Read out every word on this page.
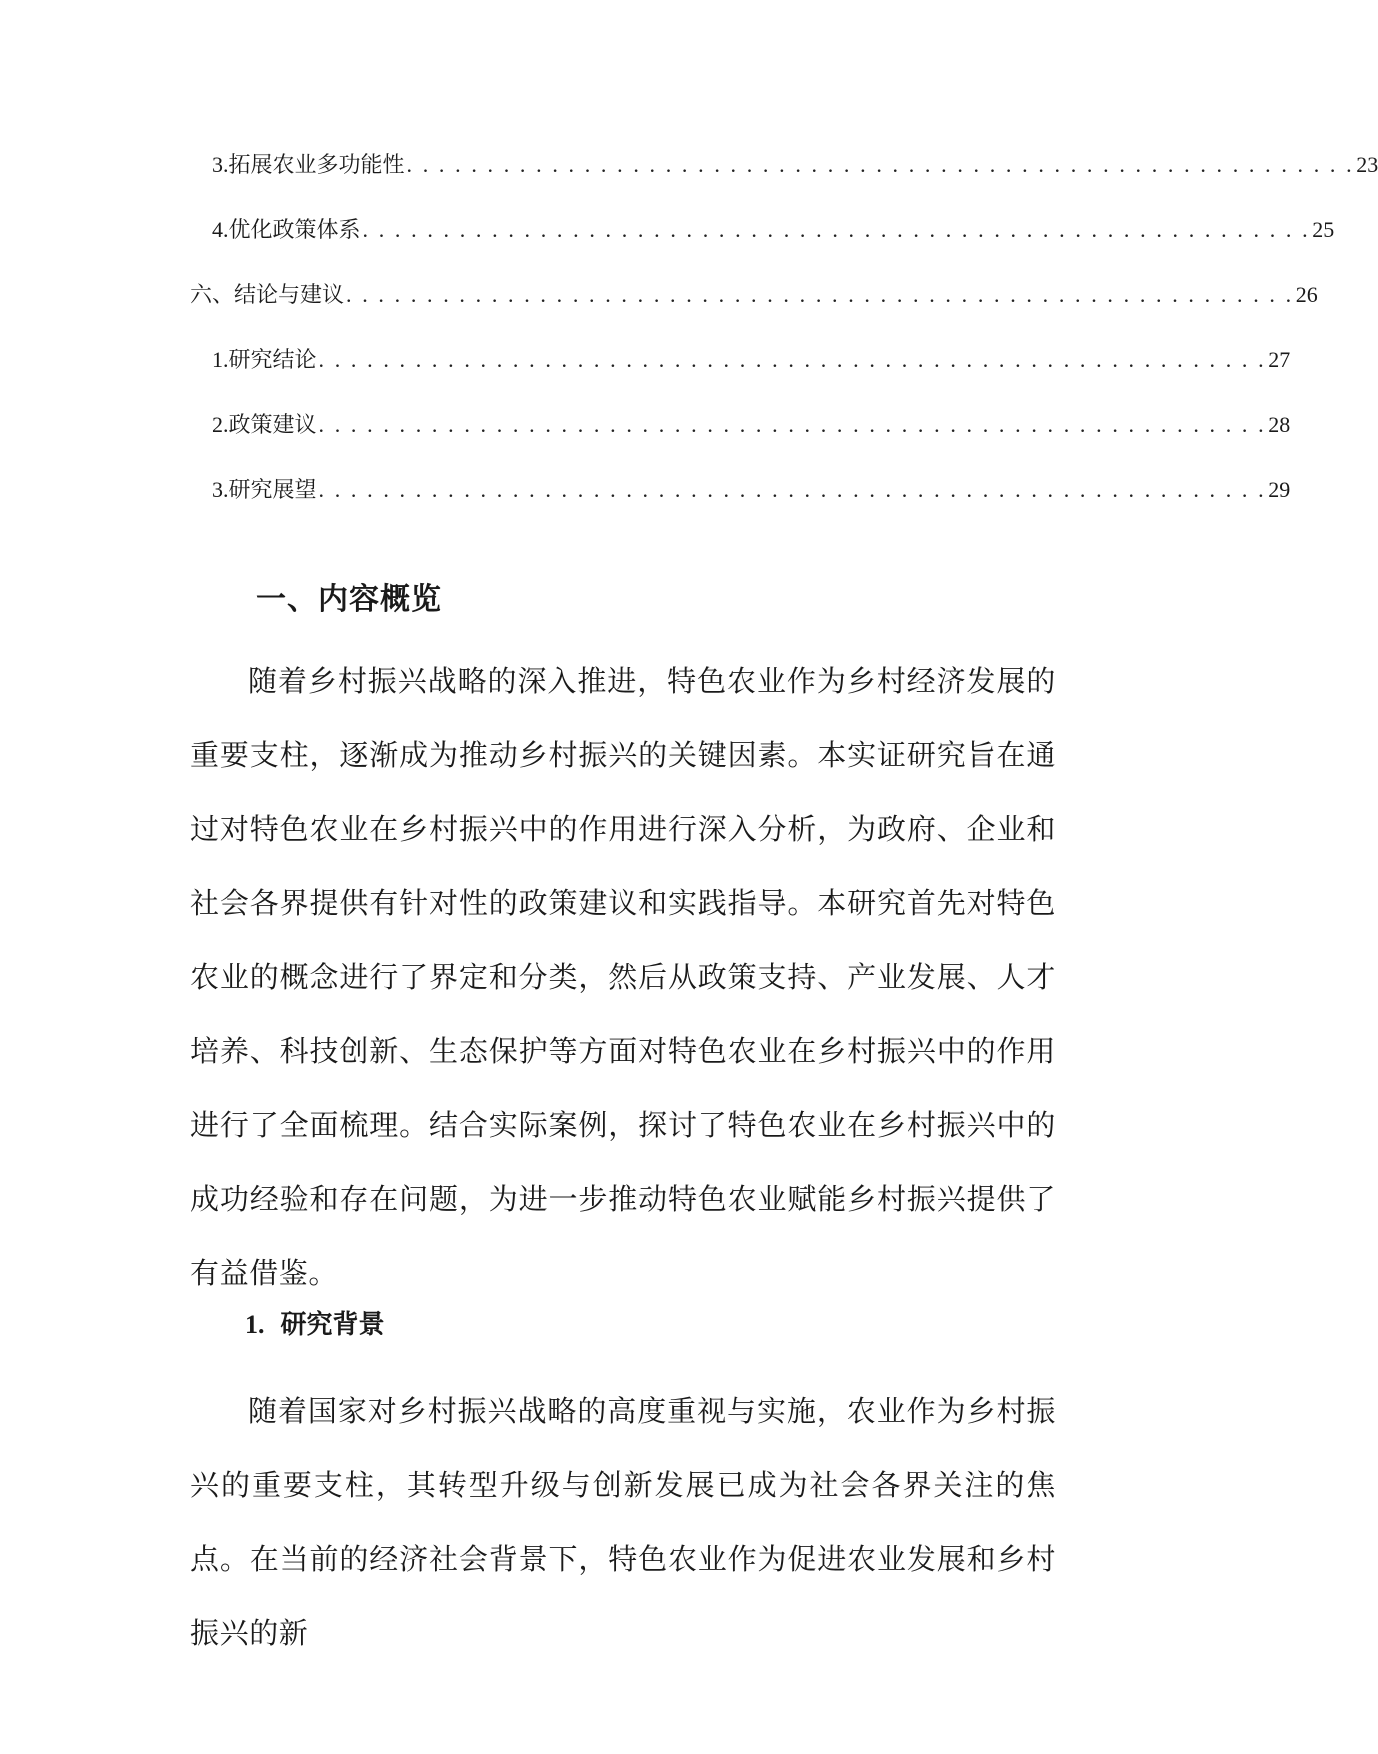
3. 拓展农业多功能性 . . . . . . . . . . . . . . . . . . . . . . . . . . . . . . . . . . . . . . . . . . . . . . . . . . . . . . . . . . . 23
4. 优化政策体系 . . . . . . . . . . . . . . . . . . . . . . . . . . . . . . . . . . . . . . . . . . . . . . . . . . . . . . . . . . . 25
六、结论与建议 . . . . . . . . . . . . . . . . . . . . . . . . . . . . . . . . . . . . . . . . . . . . . . . . . . . . . . . . . . . 26
1. 研究结论 . . . . . . . . . . . . . . . . . . . . . . . . . . . . . . . . . . . . . . . . . . . . . . . . . . . . . . . . . . . 27
2. 政策建议 . . . . . . . . . . . . . . . . . . . . . . . . . . . . . . . . . . . . . . . . . . . . . . . . . . . . . . . . . . . 28
3. 研究展望 . . . . . . . . . . . . . . . . . . . . . . . . . . . . . . . . . . . . . . . . . . . . . . . . . . . . . . . . . . . 29
一、内容概览

随着乡村振兴战略的深入推进，特色农业作为乡村经济发展的重要支柱，逐渐成为推动乡村振兴的关键因素。本实证研究旨在通过对特色农业在乡村振兴中的作用进行深入分析，为政府、企业和社会各界提供有针对性的政策建议和实践指导。本研究首先对特色农业的概念进行了界定和分类，然后从政策支持、产业发展、人才培养、科技创新、生态保护等方面对特色农业在乡村振兴中的作用进行了全面梳理。结合实际案例，探讨了特色农业在乡村振兴中的成功经验和存在问题，为进一步推动特色农业赋能乡村振兴提供了有益借鉴。

1. 研究背景

随着国家对乡村振兴战略的高度重视与实施，农业作为乡村振兴的重要支柱，其转型升级与创新发展已成为社会各界关注的焦点。在当前的经济社会背景下，特色农业作为促进农业发展和乡村振兴的新
